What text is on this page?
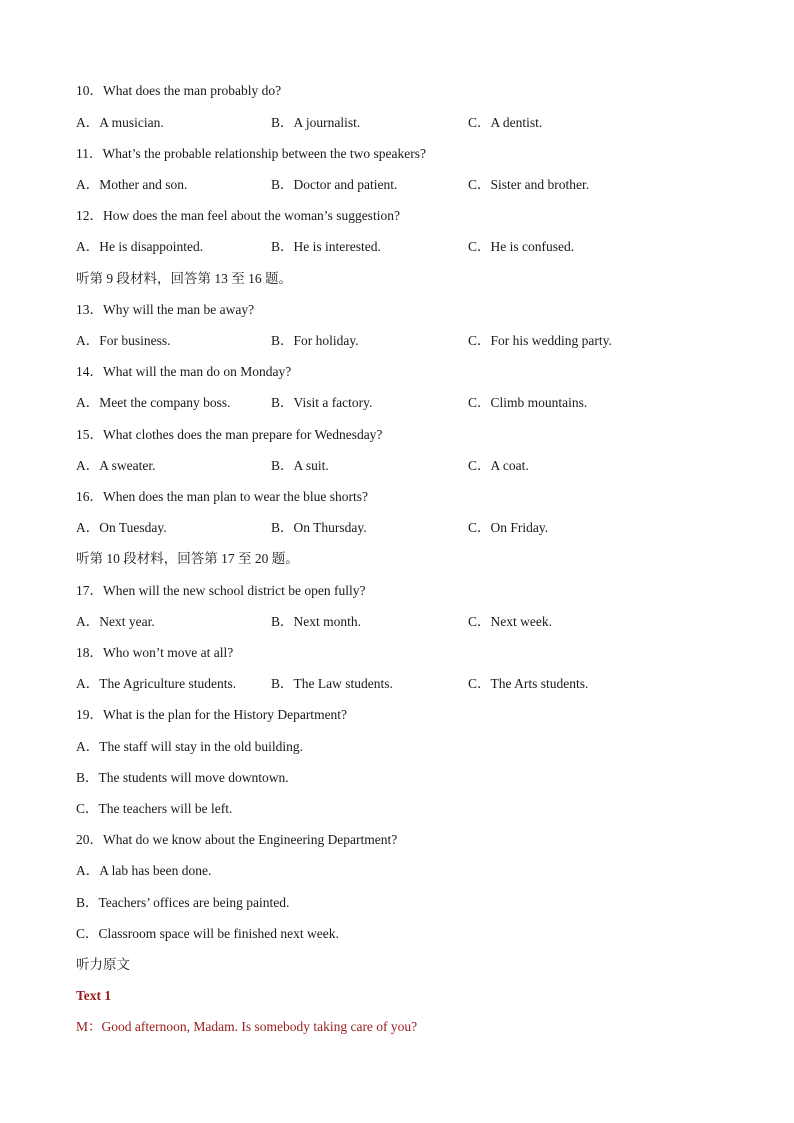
10．What does the man probably do?
A．A musician.	B．A journalist.	C．A dentist.
11．What’s the probable relationship between the two speakers?
A．Mother and son.	B．Doctor and patient.	C．Sister and brother.
12．How does the man feel about the woman’s suggestion?
A．He is disappointed.	B．He is interested.	C．He is confused.
听第 9 段材料，回答第 13 至 16 题。
13．Why will the man be away?
A．For business.	B．For holiday.	C．For his wedding party.
14．What will the man do on Monday?
A．Meet the company boss.	B．Visit a factory.	C．Climb mountains.
15．What clothes does the man prepare for Wednesday?
A．A sweater.	B．A suit.	C．A coat.
16．When does the man plan to wear the blue shorts?
A．On Tuesday.	B．On Thursday.	C．On Friday.
听第 10 段材料，回答第 17 至 20 题。
17．When will the new school district be open fully?
A．Next year.	B．Next month.	C．Next week.
18．Who won’t move at all?
A．The Agriculture students.	B．The Law students.	C．The Arts students.
19．What is the plan for the History Department?
A．The staff will stay in the old building.
B．The students will move downtown.
C．The teachers will be left.
20．What do we know about the Engineering Department?
A．A lab has been done.
B．Teachers’ offices are being painted.
C．Classroom space will be finished next week.
听力原文
Text 1
M：Good afternoon, Madam. Is somebody taking care of you?
